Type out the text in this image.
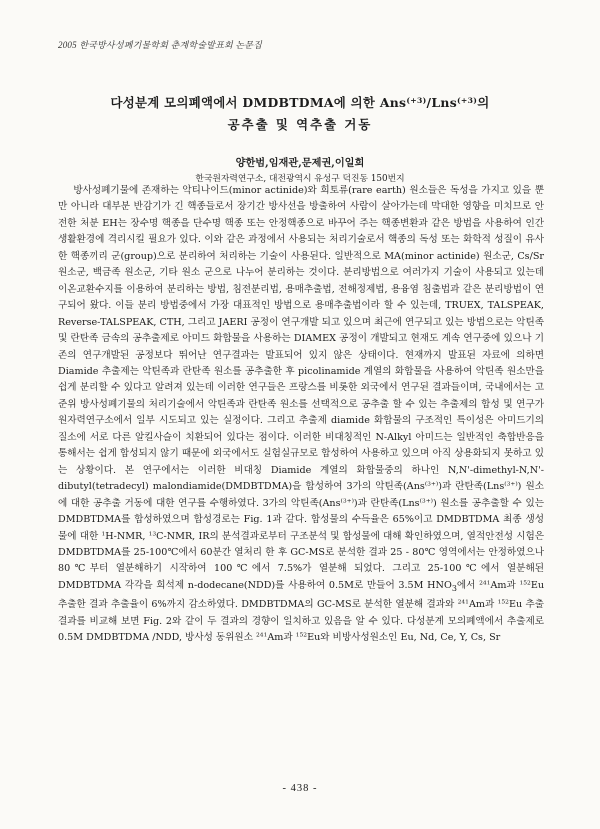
2005 한국방사성폐기물학회 춘계학술발표회 논문집
다성분계 모의폐액에서 DMDBTDMA에 의한 Ans$^{(+3)}$/Lns$^{(+3)}$의
공추출 및 역추출 거동
양한범,임재관,문제권,이일희
한국원자력연구소, 대전광역시 유성구 덕진동 150번지

방사성폐기물에 존재하는 악티나이드(minor actinide)와 희토류(rare earth) 원소들은 독성을 가지고 있을 뿐만 아니라 대부분 반감기가 긴 핵종들로서 장기간 방사선을 방출하여 사람이 살아가는데 막대한 영향을 미치므로 안전한 처분 EH는 장수명 핵종을 단수명 핵종 또는 안정핵종으로 바꾸어 주는 핵종변환과 같은 방법을 사용하여 인간 생활환경에 격리시킬 필요가 있다. 이와 같은 과정에서 사용되는 처리기술로서 핵종의 독성 또는 화학적 성질이 유사한 핵종끼리 군(group)으로 분리하여 처리하는 기술이 사용된다. 일반적으로 MA(minor actinide) 원소군, Cs/Sr 원소군, 백금족 원소군, 기타 원소 군으로 나누어 분리하는 것이다. 분리방법으로 여러가지 기술이 사용되고 있는데 이온교환수지를 이용하여 분리하는 방법, 침전분리법, 용매추출법, 전해정제법, 용융염 침출법과 같은 분리방법이 연구되어 왔다. 이들 분리 방법중에서 가장 대표적인 방법으로 용매추출법이라 할 수 있는데, TRUEX, TALSPEAK, Reverse-TALSPEAK, CTH, 그리고 JAERI 공정이 연구개발 되고 있으며 최근에 연구되고 있는 방법으로는 악틴족 및 란탄족 금속의 공추출제로 아미드 화합물을 사용하는 DIAMEX 공정이 개발되고 현재도 계속 연구중에 있으나 기존의 연구개발된 공정보다 뛰어난 연구결과는 발표되어 있지 않은 상태이다. 현재까지 발표된 자료에 의하면 Diamide 추출제는 악틴족과 란탄족 원소를 공추출한 후 picolinamide 계열의 화합물을 사용하여 악틴족 원소만을 쉽게 분리할 수 있다고 알려져 있는데 이러한 연구들은 프랑스를 비롯한 외국에서 연구된 결과들이며, 국내에서는 고준위 방사성폐기물의 처리기술에서 악틴족과 란탄족 원소를 선택적으로 공추출 할 수 있는 추출제의 합성 및 연구가 원자력연구소에서 일부 시도되고 있는 실정이다. 그리고 추출제 diamide 화합물의 구조적인 특이성은 아미드기의 질소에 서로 다른 알킬사슬이 치환되어 있다는 점이다. 이러한 비대칭적인 N-Alkyl 아미드는 일반적인 축합반응을 통해서는 쉽게 합성되지 않기 때문에 외국에서도 실험실규모로 합성하여 사용하고 있으며 아직 상용화되지 못하고 있는 상황이다. 본 연구에서는 이러한 비대칭 Diamide 계열의 화합물중의 하나인 N,N'-dimethyl-N,N'-dibutyl(tetradecyl) malondiamide(DMDBTDMA)을 합성하여 3가의 악틴족(Ans$^{(3+)}$)과 란탄족(Lns$^{(3+)}$) 원소에 대한 공추출 거동에 대한 연구를 수행하였다. 3가의 악틴족(Ans$^{(3+)}$)과 란탄족(Lns$^{(3+)}$) 원소를 공추출할 수 있는 DMDBTDMA를 합성하였으며 합성경로는 Fig. 1과 같다. 합성물의 수득율은 65%이고 DMDBTDMA 최종 생성물에 대한 $^1$H-NMR, $^{13}$C-NMR, IR의 분석결과로부터 구조분석 및 합성물에 대해 확인하였으며, 열적안전성 시험은 DMDBTDMA를 25-100℃에서 60분간 열처리 한 후 GC-MS로 분석한 결과 25 - 80℃ 영역에서는 안정하였으나 80℃부터 열분해하기 시작하여 100℃에서 7.5%가 열분해 되었다. 그리고 25-100℃에서 열분해된 DMDBTDMA 각각을 희석제 n-dodecane(NDD)를 사용하여 0.5M로 만들어 3.5M $HNO_3$에서 $^{241}$Am과 $^{152}$Eu 추출한 결과 추출율이 6%까지 감소하였다. DMDBTDMA의 GC-MS로 분석한 열분해 결과와 $^{241}$Am과 $^{152}$Eu 추출결과를 비교해 보면 Fig. 2와 같이 두 결과의 경향이 일치하고 있음을 알 수 있다. 다성분계 모의폐액에서 추출제로 0.5M DMDBTDMA /NDD, 방사성 동위원소 $^{241}$Am과 $^{152}$Eu와 비방사성원소인 Eu, Nd, Ce, Y, Cs, Sr

- 438 -
